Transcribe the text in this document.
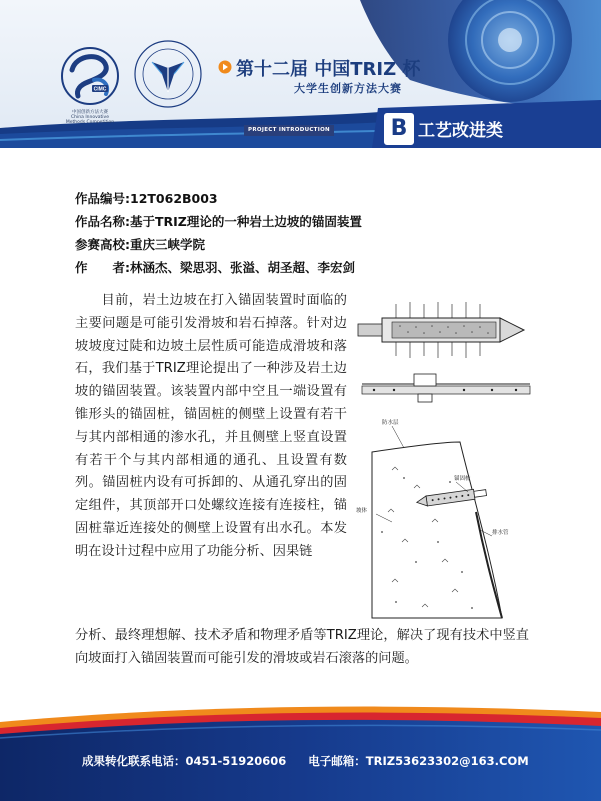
CIMC
中国创新方法大赛
China Innovative
Methods Competition
第十二届 中国TRIZ 杯
大学生创新方法大赛
PROJECT INTRODUCTION	B 工艺改进类
作品编号:12T062B003
作品名称:基于TRIZ理论的一种岩土边坡的锚固装置
参赛高校:重庆三峡学院
作　　者:林涵杰、梁思羽、张溢、胡圣超、李宏剑
目前，岩土边坡在打入锚固装置时面临的主要问题是可能引发滑坡和岩石掉落。针对边坡坡度过陡和边坡土层性质可能造成滑坡和落石，我们基于TRIZ理论提出了一种涉及岩土边坡的锚固装置。该装置内部中空且一端设置有锥形头的锚固桩，锚固桩的侧壁上设置有若干与其内部相通的渗水孔，并且侧壁上竖直设置有若干个与其内部相通的通孔、且设置有数列。锚固桩内设有可拆卸的、从通孔穿出的固定组件，其顶部开口处螺纹连接有连接柱，锚固桩靠近连接处的侧壁上设置有出水孔。本发明在设计过程中应用了功能分析、因果链
分析、最终理想解、技术矛盾和物理矛盾等TRIZ理论，解决了现有技术中竖直向坡面打入锚固装置而可能引发的滑坡或岩石滚落的问题。
防水层
锚固桩
坡体
排水管
成果转化联系电话：0451-51920606 电子邮箱：TRIZ53623302@163.COM
